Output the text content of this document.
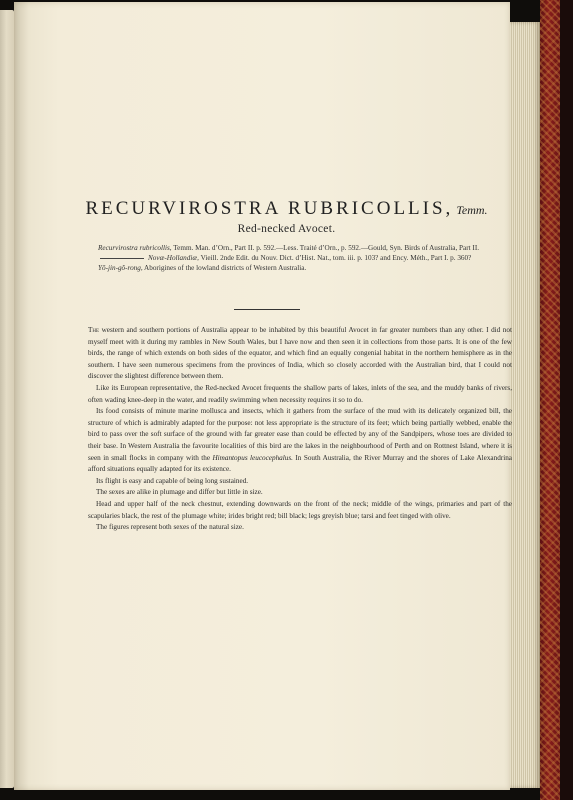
RECURVIROSTRA RUBRICOLLIS, Temm.
Red-necked Avocet.
Recurvirostra rubricollis, Temm. Man. d’Orn., Part II. p. 592.—Less. Traité d’Orn., p. 592.—Gould, Syn. Birds of Australia, Part II.
Novæ-Hollandiæ, Vieill. 2nde Edit. du Nouv. Dict. d’Hist. Nat., tom. iii. p. 103? and Ency. Méth., Part I. p. 360?
Yŏ-jin-gŏ-rong, Aborigines of the lowland districts of Western Australia.

The western and southern portions of Australia appear to be inhabited by this beautiful Avocet in far greater numbers than any other. I did not myself meet with it during my rambles in New South Wales, but I have now and then seen it in collections from those parts. It is one of the few birds, the range of which extends on both sides of the equator, and which find an equally congenial habitat in the northern hemisphere as in the southern. I have seen numerous specimens from the provinces of India, which so closely accorded with the Australian bird, that I could not discover the slightest difference between them.

Like its European representative, the Red-necked Avocet frequents the shallow parts of lakes, inlets of the sea, and the muddy banks of rivers, often wading knee-deep in the water, and readily swimming when necessity requires it so to do.

Its food consists of minute marine mollusca and insects, which it gathers from the surface of the mud with its delicately organized bill, the structure of which is admirably adapted for the purpose: not less appropriate is the structure of its feet; which being partially webbed, enable the bird to pass over the soft surface of the ground with far greater ease than could be effected by any of the Sandpipers, whose toes are divided to their base. In Western Australia the favourite localities of this bird are the lakes in the neighbourhood of Perth and on Rottnest Island, where it is seen in small flocks in company with the Himantopus leucocephalus. In South Australia, the River Murray and the shores of Lake Alexandrina afford situations equally adapted for its existence.

Its flight is easy and capable of being long sustained.

The sexes are alike in plumage and differ but little in size.

Head and upper half of the neck chestnut, extending downwards on the front of the neck; middle of the wings, primaries and part of the scapularies black, the rest of the plumage white; irides bright red; bill black; legs greyish blue; tarsi and feet tinged with olive.

The figures represent both sexes of the natural size.
